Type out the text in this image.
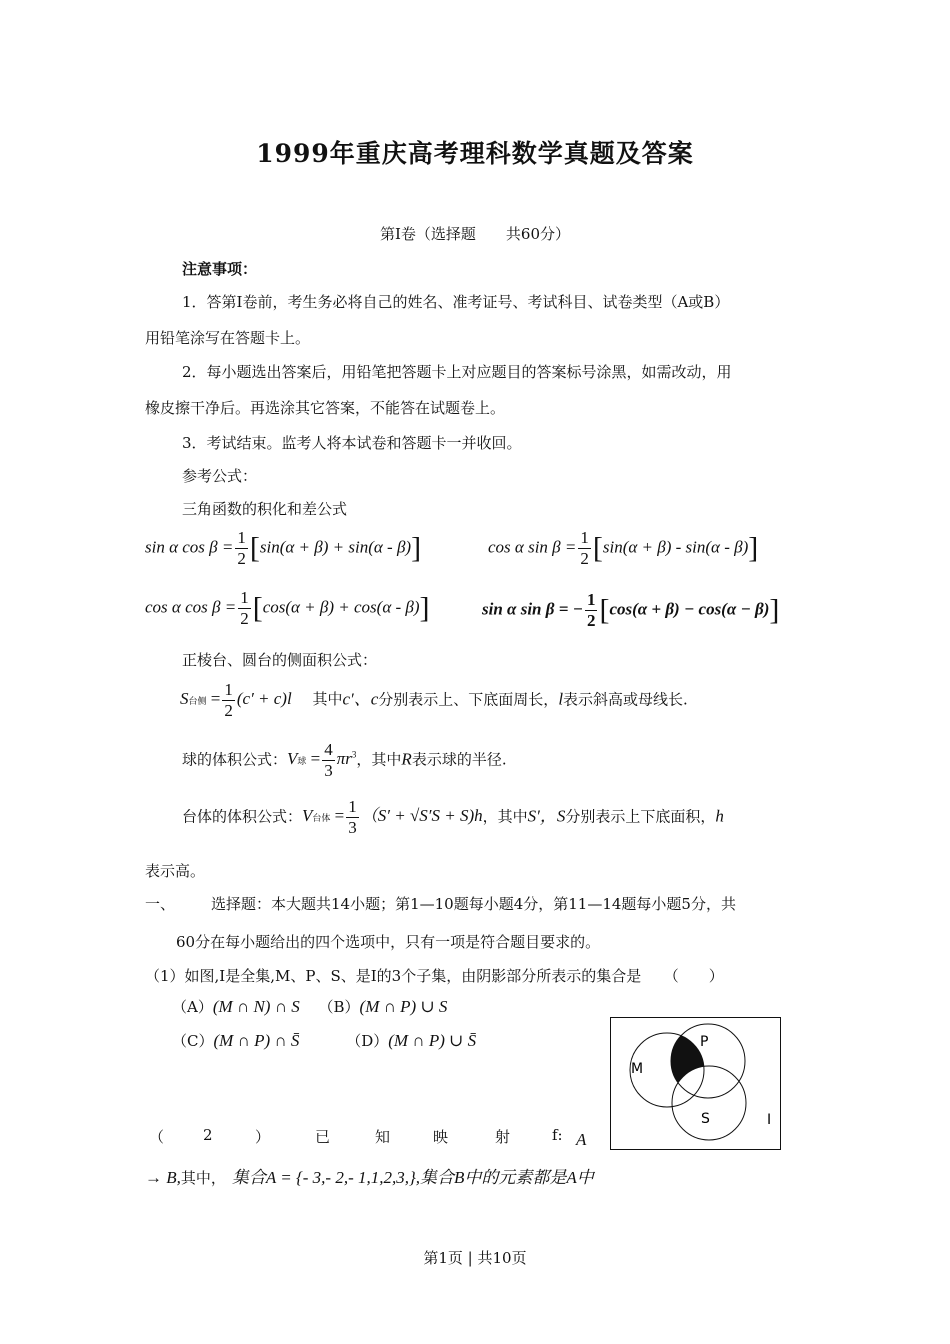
1999年重庆高考理科数学真题及答案
第Ⅰ卷（选择题　　共60分）
注意事项：
1．答第Ⅰ卷前，考生务必将自己的姓名、准考证号、考试科目、试卷类型（A或B）
用铅笔涂写在答题卡上。
2．每小题选出答案后，用铅笔把答题卡上对应题目的答案标号涂黑，如需改动，用
橡皮擦干净后。再选涂其它答案，不能答在试题卷上。
3．考试结束。监考人将本试卷和答题卡一并收回。
参考公式：
三角函数的积化和差公式
sin α $\cos \beta = \frac{1}{2} [\sin(\alpha + \beta) + \sin(\alpha - \beta)]$	cos α $\sin \beta = \frac{1}{2} [\sin(\alpha + \beta) - \sin(\alpha - \beta)]$
cos α $\cos \beta = \frac{1}{2} [\cos(\alpha + \beta) + \cos(\alpha - \beta)]$	sin α sin β = − $\frac{1}{2} [\cos(\alpha + \beta) - \cos(\alpha - \beta)]$
正棱台、圆台的侧面积公式：
S台侧 = $\frac{1}{2} (c' + c)l$ 其中c′、c分别表示上、下底面周长，l表示斜高或母线长.
球的体积公式：V球 = $\frac{4}{3} \pi r^3$，其中R表示球的半径.
台体的体积公式：V台体 = $\frac{1}{3} (S' + √S'S + S)h$，其中S′，S分别表示上下底面积，h
表示高。
一、 选择题：本大题共14小题；第1—10题每小题4分，第11—14题每小题5分，共
60分在每小题给出的四个选项中，只有一项是符合题目要求的。
（1）如图,Ⅰ是全集,M、P、S、是Ⅰ的3个子集，由阴影部分所表示的集合是　　（　　）
（A）(M ∩ N) ∩ S （B）(M ∩ P) ∪ S
（C）(M ∩ P) ∩ S̄	（D）(M ∩ P) ∪ S̄
M
P
S	I
（	2	）	已	知	映	射	f: A
→ B,其中， 集合A = {- 3,- 2,- 1,1,2,3,},集合B中的元素都是A中
第1页 | 共10页
